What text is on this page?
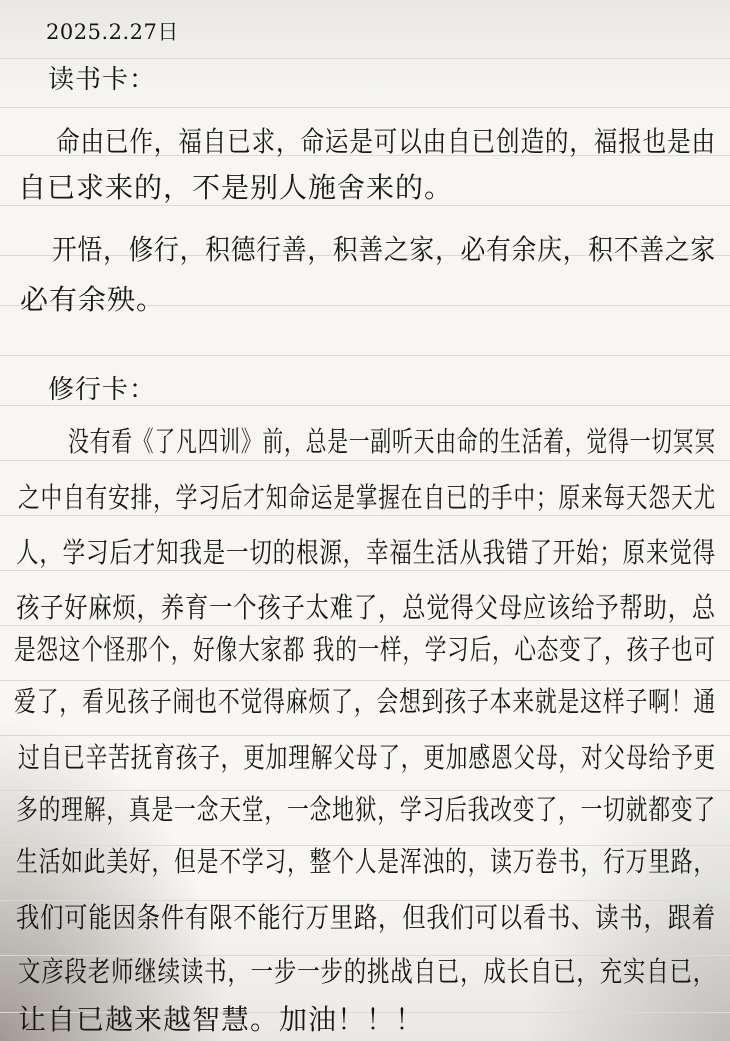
2025.2.27日
读书卡：
命由已作，福自已求，命运是可以由自已创造的，福报也是由
自已求来的，不是别人施舍来的。
开悟，修行，积德行善，积善之家，必有余庆，积不善之家
必有余殃。
修行卡：
没有看《了凡四训》前，总是一副听天由命的生活着，觉得一切冥冥
之中自有安排，学习后才知命运是掌握在自已的手中；原来每天怨天尤
人，学习后才知我是一切的根源，幸福生活从我错了开始；原来觉得
孩子好麻烦，养育一个孩子太难了，总觉得父母应该给予帮助，总
是怨这个怪那个，好像大家都 我的一样，学习后，心态变了，孩子也可
爱了，看见孩子闹也不觉得麻烦了，会想到孩子本来就是这样子啊！通
过自已辛苦抚育孩子，更加理解父母了，更加感恩父母，对父母给予更
多的理解，真是一念天堂，一念地狱，学习后我改变了，一切就都变了
生活如此美好，但是不学习，整个人是浑浊的，读万卷书，行万里路，
我们可能因条件有限不能行万里路，但我们可以看书、读书，跟着
文彦段老师继续读书，一步一步的挑战自已，成长自已，充实自已，
让自已越来越智慧。加油！！！
